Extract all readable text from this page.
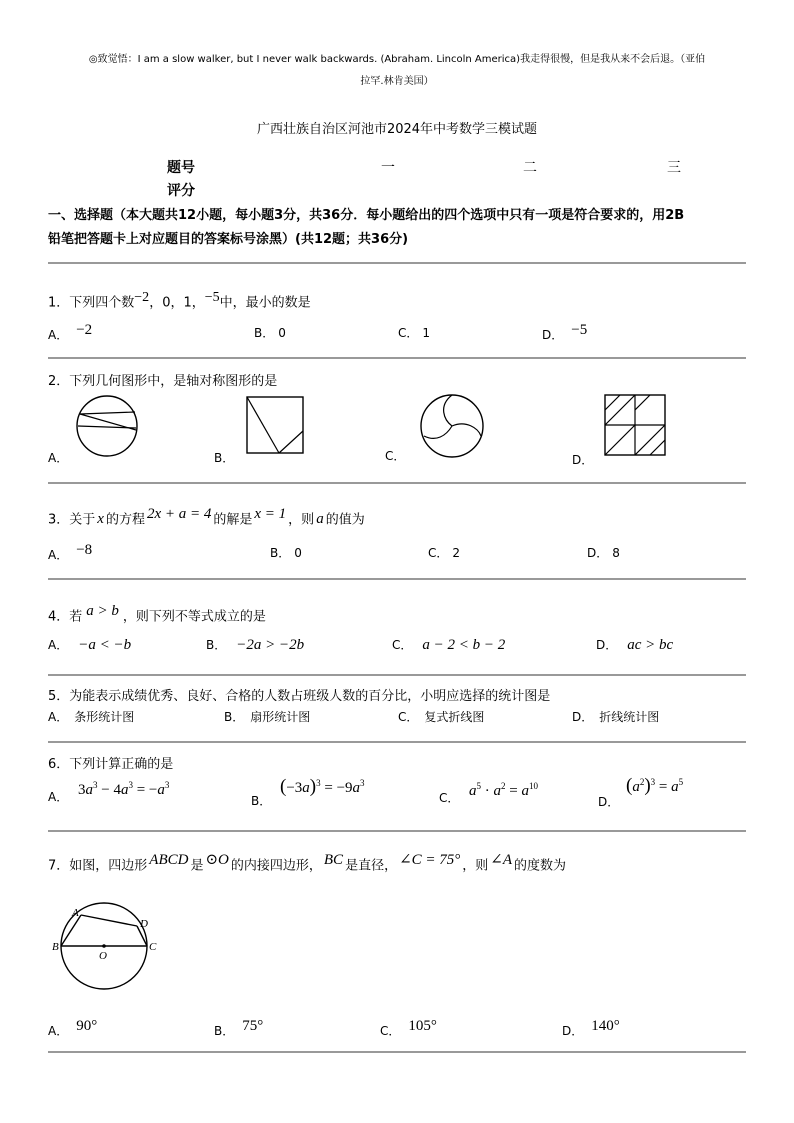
◎致觉悟：I am a slow walker, but I never walk backwards. (Abraham. Lincoln America)我走得很慢，但是我从来不会后退。（亚伯
拉罕.林肯美国）
广西壮族自治区河池市2024年中考数学三模试题
题号	一	二	三
评分
一、选择题（本大题共12小题，每小题3分，共36分．每小题给出的四个选项中只有一项是符合要求的，用2B
铅笔把答题卡上对应题目的答案标号涂黑）(共12题；共36分)
1．下列四个数$^{-2}$，0，1，$^{-5}$中，最小的数是
A． $^{-2}$	B． 0	C． 1	D． $^{-5}$
2．下列几何图形中，是轴对称图形的是
A．	B．	C．	D．
3．关于 x 的方程 $^{2x + a = 4}$ 的解是 $^{x = 1}$ ，则 a 的值为
A． $^{-8}$	B． 0	C． 2	D． 8
4．若 $^{a > b}$ ，则下列不等式成立的是
A． −a < −b	B． −2a > −2b	C． a − 2 < b − 2	D． ac > bc
5．为能表示成绩优秀、良好、合格的人数占班级人数的百分比，小明应选择的统计图是
A． 条形统计图	B． 扇形统计图	C． 复式折线图	D． 折线统计图
6．下列计算正确的是
A． $3a^3 - 4a^3 = -a^3$
B．
$(-3a)^3 = -9a^3$
C． $a^5 \cdot a^2 = a^{10}$
D．
$(a^2)^3 = a^5$
7．如图，四边形 $^{ABCD}$ 是 $^{⊙O}$ 的内接四边形， $^{BC}$ 是直径， $^{\angle C = 75^\circ}$ ，则 $^{\angle A}$ 的度数为
A
B	C
D
O
A． $^{90^\circ}$	B． $^{75^\circ}$	C． $^{105^\circ}$	D． $^{140^\circ}$
